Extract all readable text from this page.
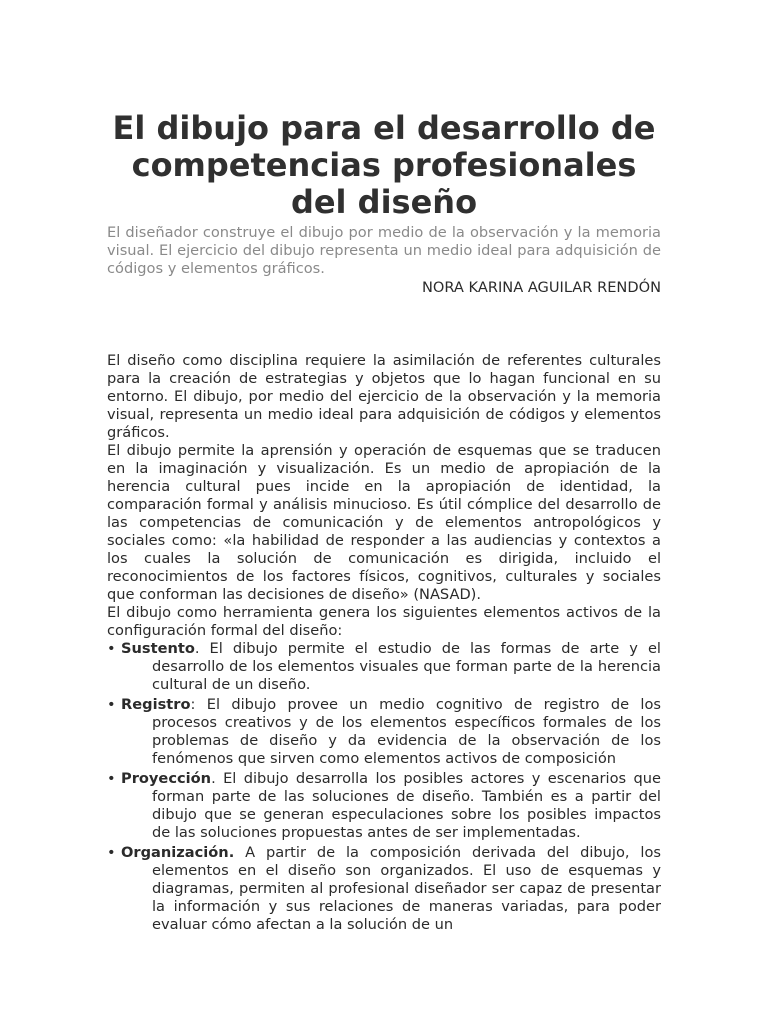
El dibujo para el desarrollo de competencias profesionales del diseño

El diseñador construye el dibujo por medio de la observación y la memoria visual. El ejercicio del dibujo representa un medio ideal para adquisición de códigos y elementos gráficos.

NORA KARINA AGUILAR RENDÓN

El diseño como disciplina requiere la asimilación de referentes culturales para la creación de estrategias y objetos que lo hagan funcional en su entorno. El dibujo, por medio del ejercicio de la observación y la memoria visual, representa un medio ideal para adquisición de códigos y elementos gráficos.

El dibujo permite la aprensión y operación de esquemas que se traducen en la imaginación y visualización. Es un medio de apropiación de la herencia cultural pues incide en la apropiación de identidad, la comparación formal y análisis minucioso. Es útil cómplice del desarrollo de las competencias de comunicación y de elementos antropológicos y sociales como: «la habilidad de responder a las audiencias y contextos a los cuales la solución de comunicación es dirigida, incluido el reconocimientos de los factores físicos, cognitivos, culturales y sociales que conforman las decisiones de diseño» (NASAD).

El dibujo como herramienta genera los siguientes elementos activos de la configuración formal del diseño:

• Sustento. El dibujo permite el estudio de las formas de arte y el desarrollo de los elementos visuales que forman parte de la herencia cultural de un diseño.
• Registro: El dibujo provee un medio cognitivo de registro de los procesos creativos y de los elementos específicos formales de los problemas de diseño y da evidencia de la observación de los fenómenos que sirven como elementos activos de composición
• Proyección. El dibujo desarrolla los posibles actores y escenarios que forman parte de las soluciones de diseño. También es a partir del dibujo que se generan especulaciones sobre los posibles impactos de las soluciones propuestas antes de ser implementadas.
• Organización. A partir de la composición derivada del dibujo, los elementos en el diseño son organizados. El uso de esquemas y diagramas, permiten al profesional diseñador ser capaz de presentar la información y sus relaciones de maneras variadas, para poder evaluar cómo afectan a la solución de un
